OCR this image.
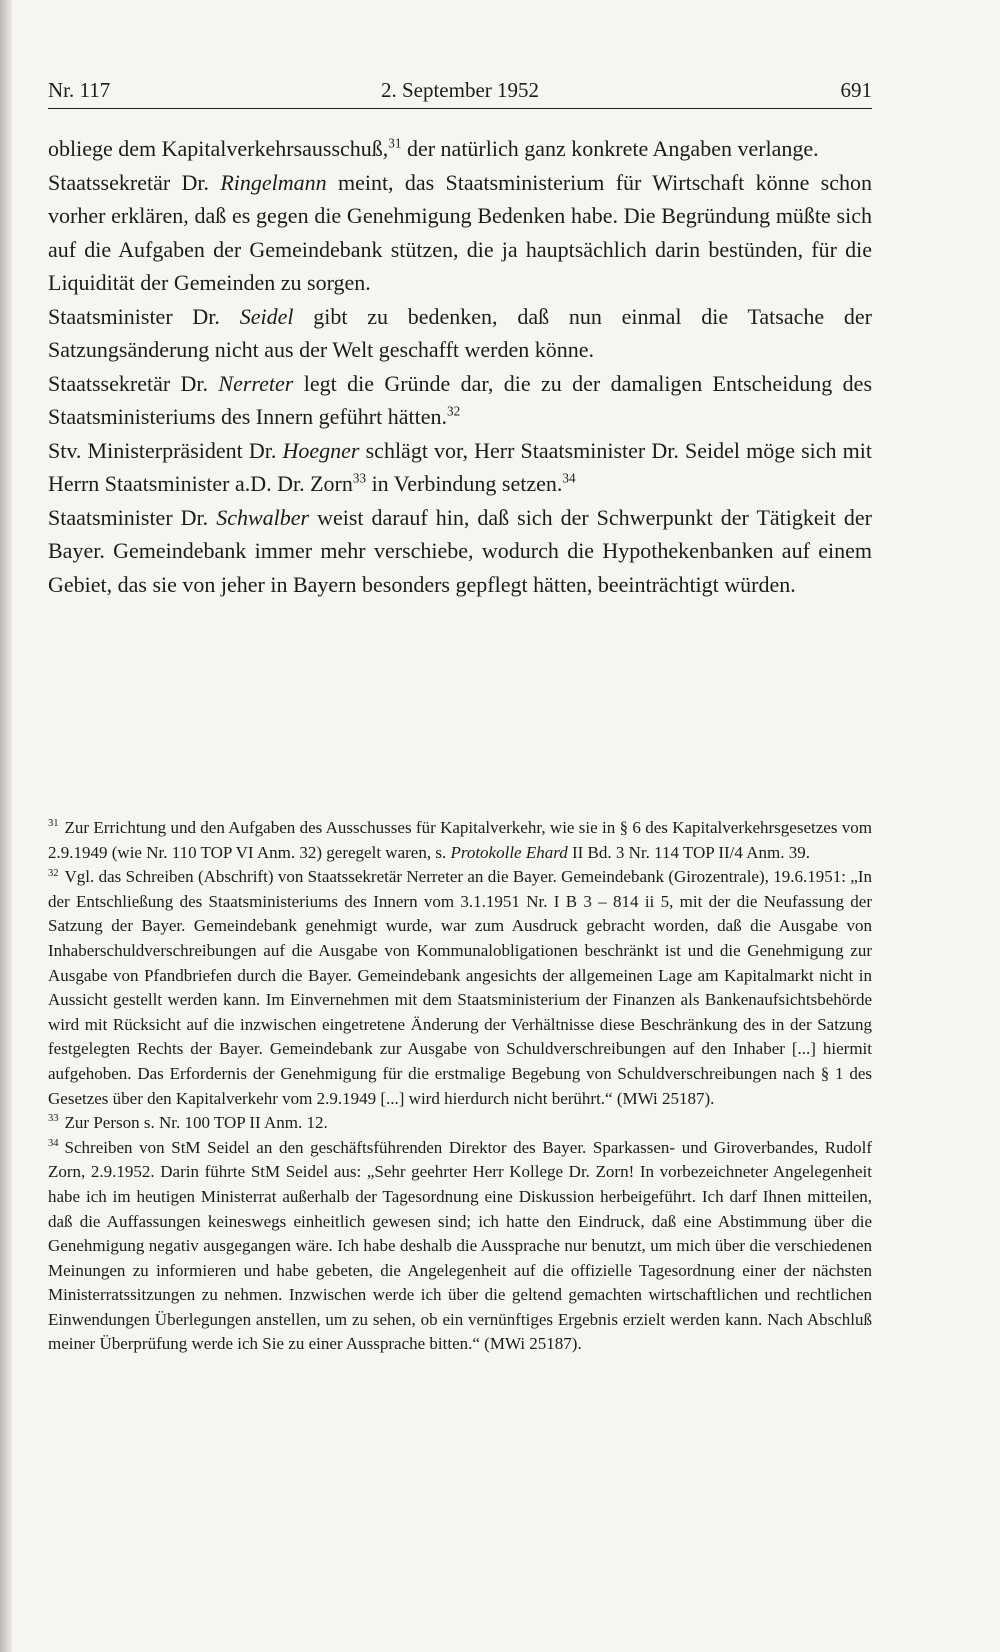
Nr. 117	2. September 1952	691

obliege dem Kapitalverkehrsausschuß,$^{31}$ der natürlich ganz konkrete Angaben verlange.

Staatssekretär Dr. Ringelmann meint, das Staatsministerium für Wirtschaft könne schon vorher erklären, daß es gegen die Genehmigung Bedenken habe. Die Begründung müßte sich auf die Aufgaben der Gemeindebank stützen, die ja hauptsächlich darin bestünden, für die Liquidität der Gemeinden zu sorgen.

Staatsminister Dr. Seidel gibt zu bedenken, daß nun einmal die Tatsache der Satzungsänderung nicht aus der Welt geschafft werden könne.

Staatssekretär Dr. Nerreter legt die Gründe dar, die zu der damaligen Entscheidung des Staatsministeriums des Innern geführt hätten.$^{32}$

Stv. Ministerpräsident Dr. Hoegner schlägt vor, Herr Staatsminister Dr. Seidel möge sich mit Herrn Staatsminister a.D. Dr. Zorn$^{33}$ in Verbindung setzen.$^{34}$

Staatsminister Dr. Schwalber weist darauf hin, daß sich der Schwerpunkt der Tätigkeit der Bayer. Gemeindebank immer mehr verschiebe, wodurch die Hypothekenbanken auf einem Gebiet, das sie von jeher in Bayern besonders gepflegt hätten, beeinträchtigt würden.

$^{31}$ Zur Errichtung und den Aufgaben des Ausschusses für Kapitalverkehr, wie sie in § 6 des Kapitalverkehrsgesetzes vom 2.9.1949 (wie Nr. 110 TOP VI Anm. 32) geregelt waren, s. Protokolle Ehard II Bd. 3 Nr. 114 TOP II/4 Anm. 39.

$^{32}$ Vgl. das Schreiben (Abschrift) von Staatssekretär Nerreter an die Bayer. Gemeindebank (Girozentrale), 19.6.1951: „In der Entschließung des Staatsministeriums des Innern vom 3.1.1951 Nr. I B 3 – 814 ii 5, mit der die Neufassung der Satzung der Bayer. Gemeindebank genehmigt wurde, war zum Ausdruck gebracht worden, daß die Ausgabe von Inhaberschuldverschreibungen auf die Ausgabe von Kommunalobligationen beschränkt ist und die Genehmigung zur Ausgabe von Pfandbriefen durch die Bayer. Gemeindebank angesichts der allgemeinen Lage am Kapitalmarkt nicht in Aussicht gestellt werden kann. Im Einvernehmen mit dem Staatsministerium der Finanzen als Bankenaufsichtsbehörde wird mit Rücksicht auf die inzwischen eingetretene Änderung der Verhältnisse diese Beschränkung des in der Satzung festgelegten Rechts der Bayer. Gemeindebank zur Ausgabe von Schuldverschreibungen auf den Inhaber [...] hiermit aufgehoben. Das Erfordernis der Genehmigung für die erstmalige Begebung von Schuldverschreibungen nach § 1 des Gesetzes über den Kapitalverkehr vom 2.9.1949 [...] wird hierdurch nicht berührt.“ (MWi 25187).

$^{33}$ Zur Person s. Nr. 100 TOP II Anm. 12.

$^{34}$ Schreiben von StM Seidel an den geschäftsführenden Direktor des Bayer. Sparkassen- und Giroverbandes, Rudolf Zorn, 2.9.1952. Darin führte StM Seidel aus: „Sehr geehrter Herr Kollege Dr. Zorn! In vorbezeichneter Angelegenheit habe ich im heutigen Ministerrat außerhalb der Tagesordnung eine Diskussion herbeigeführt. Ich darf Ihnen mitteilen, daß die Auffassungen keineswegs einheitlich gewesen sind; ich hatte den Eindruck, daß eine Abstimmung über die Genehmigung negativ ausgegangen wäre. Ich habe deshalb die Aussprache nur benutzt, um mich über die verschiedenen Meinungen zu informieren und habe gebeten, die Angelegenheit auf die offizielle Tagesordnung einer der nächsten Ministerratssitzungen zu nehmen. Inzwischen werde ich über die geltend gemachten wirtschaftlichen und rechtlichen Einwendungen Überlegungen anstellen, um zu sehen, ob ein vernünftiges Ergebnis erzielt werden kann. Nach Abschluß meiner Überprüfung werde ich Sie zu einer Aussprache bitten.“ (MWi 25187).
